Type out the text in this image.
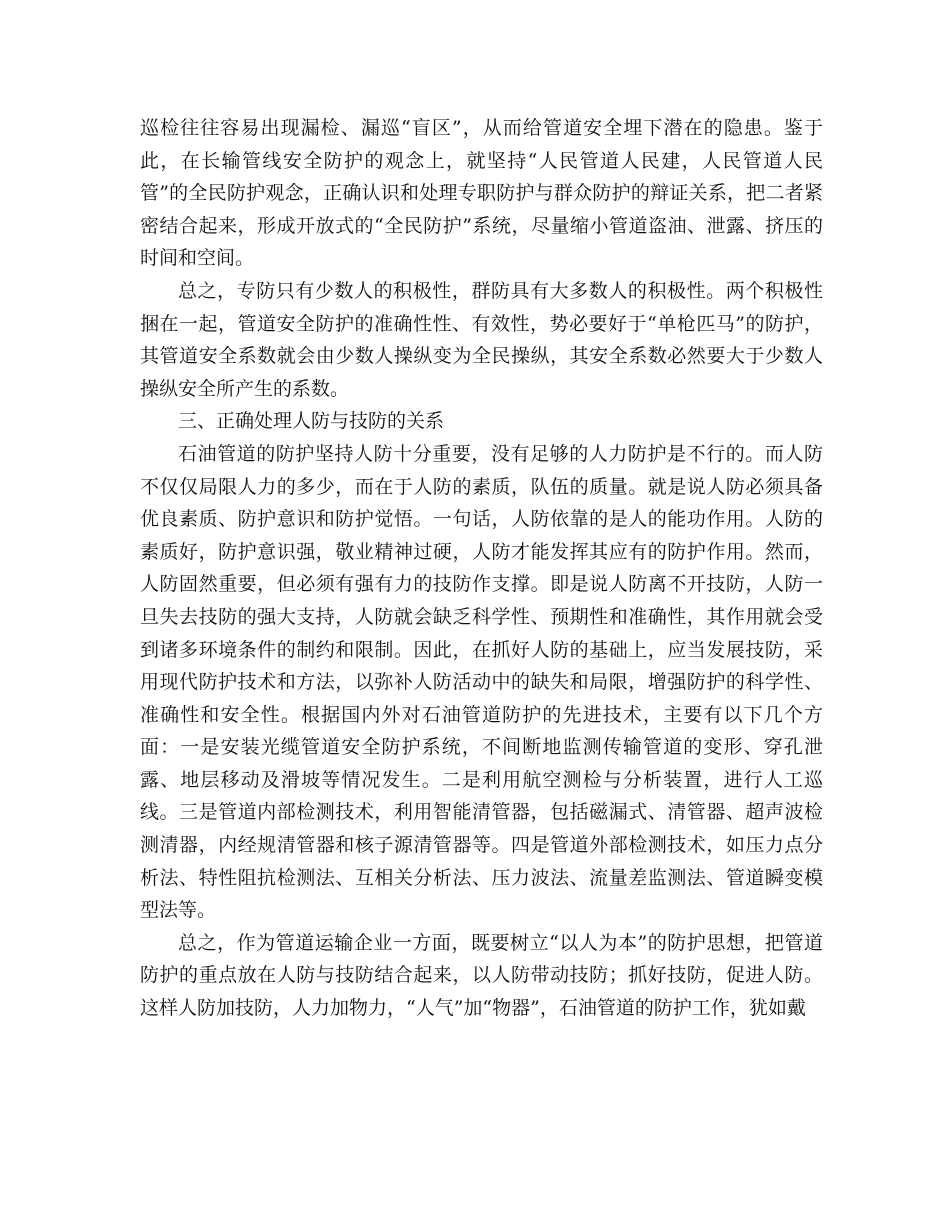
巡检往往容易出现漏检、漏巡“盲区”，从而给管道安全埋下潜在的隐患。鉴于此，在长输管线安全防护的观念上，就坚持“人民管道人民建，人民管道人民管”的全民防护观念，正确认识和处理专职防护与群众防护的辩证关系，把二者紧密结合起来，形成开放式的“全民防护”系统，尽量缩小管道盗油、泄露、挤压的时间和空间。

总之，专防只有少数人的积极性，群防具有大多数人的积极性。两个积极性捆在一起，管道安全防护的准确性性、有效性，势必要好于“单枪匹马”的防护，其管道安全系数就会由少数人操纵变为全民操纵，其安全系数必然要大于少数人操纵安全所产生的系数。

三、正确处理人防与技防的关系

石油管道的防护坚持人防十分重要，没有足够的人力防护是不行的。而人防不仅仅局限人力的多少，而在于人防的素质，队伍的质量。就是说人防必须具备优良素质、防护意识和防护觉悟。一句话，人防依靠的是人的能功作用。人防的素质好，防护意识强，敬业精神过硬，人防才能发挥其应有的防护作用。然而，人防固然重要，但必须有强有力的技防作支撑。即是说人防离不开技防，人防一旦失去技防的强大支持，人防就会缺乏科学性、预期性和准确性，其作用就会受到诸多环境条件的制约和限制。因此，在抓好人防的基础上，应当发展技防，采用现代防护技术和方法，以弥补人防活动中的缺失和局限，增强防护的科学性、准确性和安全性。根据国内外对石油管道防护的先进技术，主要有以下几个方面：一是安装光缆管道安全防护系统，不间断地监测传输管道的变形、穿孔泄露、地层移动及滑坡等情况发生。二是利用航空测检与分析装置，进行人工巡线。三是管道内部检测技术，利用智能清管器，包括磁漏式、清管器、超声波检测清器，内经规清管器和核子源清管器等。四是管道外部检测技术，如压力点分析法、特性阻抗检测法、互相关分析法、压力波法、流量差监测法、管道瞬变模型法等。

总之，作为管道运输企业一方面，既要树立“以人为本”的防护思想，把管道防护的重点放在人防与技防结合起来，以人防带动技防；抓好技防，促进人防。这样人防加技防，人力加物力，“人气”加“物器”，石油管道的防护工作，犹如戴
